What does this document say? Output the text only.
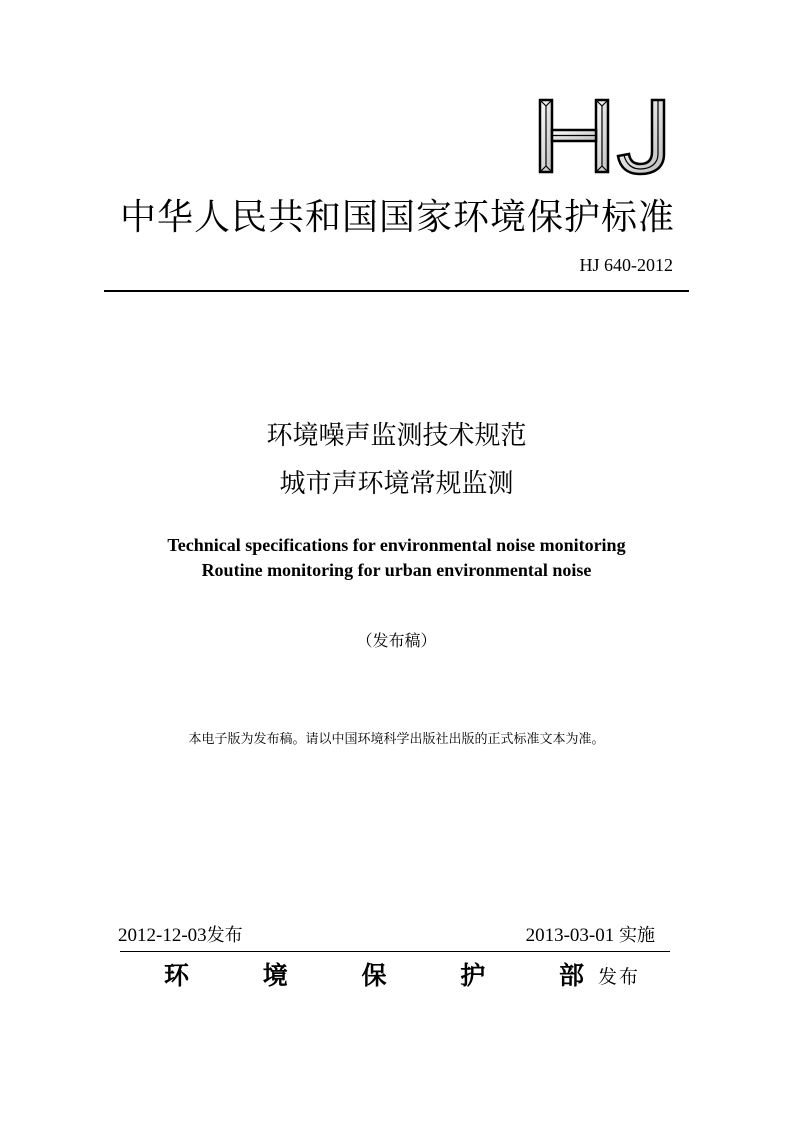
中华人民共和国国家环境保护标准
HJ 640-2012
环境噪声监测技术规范
城市声环境常规监测
Technical specifications for environmental noise monitoring
Routine monitoring for urban environmental noise
（发布稿）
本电子版为发布稿。请以中国环境科学出版社出版的正式标准文本为准。
2012-12-03发布	2013-03-01 实施
环	境	保	护	部 发布
